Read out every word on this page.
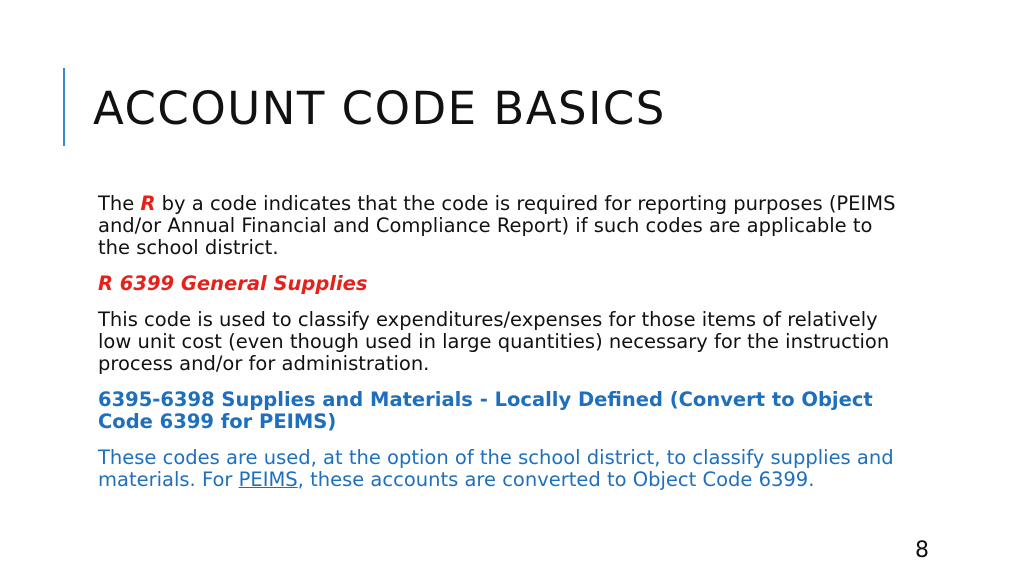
ACCOUNT CODE BASICS

The R by a code indicates that the code is required for reporting purposes (PEIMS and/or Annual Financial and Compliance Report) if such codes are applicable to the school district.

R 6399 General Supplies

This code is used to classify expenditures/expenses for those items of relatively low unit cost (even though used in large quantities) necessary for the instruction process and/or for administration.

6395-6398 Supplies and Materials - Locally Defined (Convert to Object Code 6399 for PEIMS)

These codes are used, at the option of the school district, to classify supplies and materials. For PEIMS, these accounts are converted to Object Code 6399.

8
